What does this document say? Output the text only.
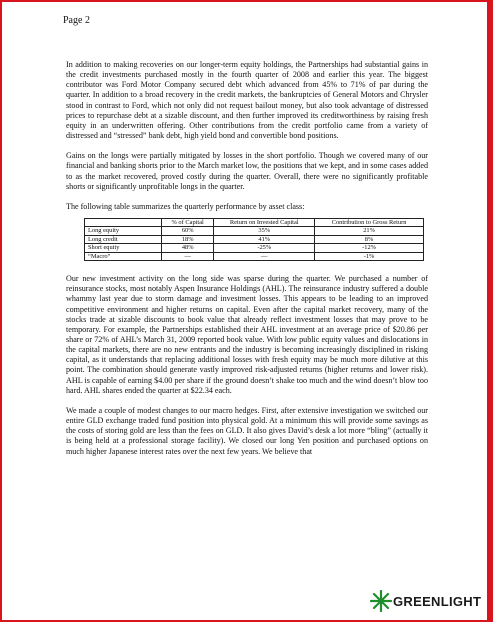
Page 2

In addition to making recoveries on our longer-term equity holdings, the Partnerships had substantial gains in the credit investments purchased mostly in the fourth quarter of 2008 and earlier this year. The biggest contributor was Ford Motor Company secured debt which advanced from 45% to 71% of par during the quarter. In addition to a broad recovery in the credit markets, the bankruptcies of General Motors and Chrysler stood in contrast to Ford, which not only did not request bailout money, but also took advantage of distressed prices to repurchase debt at a sizable discount, and then further improved its creditworthiness by raising fresh equity in an underwritten offering. Other contributions from the credit portfolio came from a variety of distressed and “stressed” bank debt, high yield bond and convertible bond positions.

Gains on the longs were partially mitigated by losses in the short portfolio. Though we covered many of our financial and banking shorts prior to the March market low, the positions that we kept, and in some cases added to as the market recovered, proved costly during the quarter. Overall, there were no significantly profitable shorts or significantly unprofitable longs in the quarter.

The following table summarizes the quarterly performance by asset class:

	% of Capital	Return on Invested Capital	Contribution to Gross Return
Long equity	60%	35%	21%
Long credit	18%	41%	8%
Short equity	48%	-25%	-12%
“Macro”	—	—	-1%

Our new investment activity on the long side was sparse during the quarter. We purchased a number of reinsurance stocks, most notably Aspen Insurance Holdings (AHL). The reinsurance industry suffered a double whammy last year due to storm damage and investment losses. This appears to be leading to an improved competitive environment and higher returns on capital. Even after the capital market recovery, many of the stocks trade at sizable discounts to book value that already reflect investment losses that may prove to be temporary. For example, the Partnerships established their AHL investment at an average price of $20.86 per share or 72% of AHL’s March 31, 2009 reported book value. With low public equity values and dislocations in the capital markets, there are no new entrants and the industry is becoming increasingly disciplined in risking capital, as it understands that replacing additional losses with fresh equity may be much more dilutive at this point. The combination should generate vastly improved risk-adjusted returns (higher returns and lower risk). AHL is capable of earning $4.00 per share if the ground doesn’t shake too much and the wind doesn’t blow too hard. AHL shares ended the quarter at $22.34 each.

We made a couple of modest changes to our macro hedges. First, after extensive investigation we switched our entire GLD exchange traded fund position into physical gold. At a minimum this will provide some savings as the costs of storing gold are less than the fees on GLD. It also gives David’s desk a lot more “bling” (actually it is being held at a professional storage facility). We closed our long Yen position and purchased options on much higher Japanese interest rates over the next few years. We believe that

GREENLIGHT
